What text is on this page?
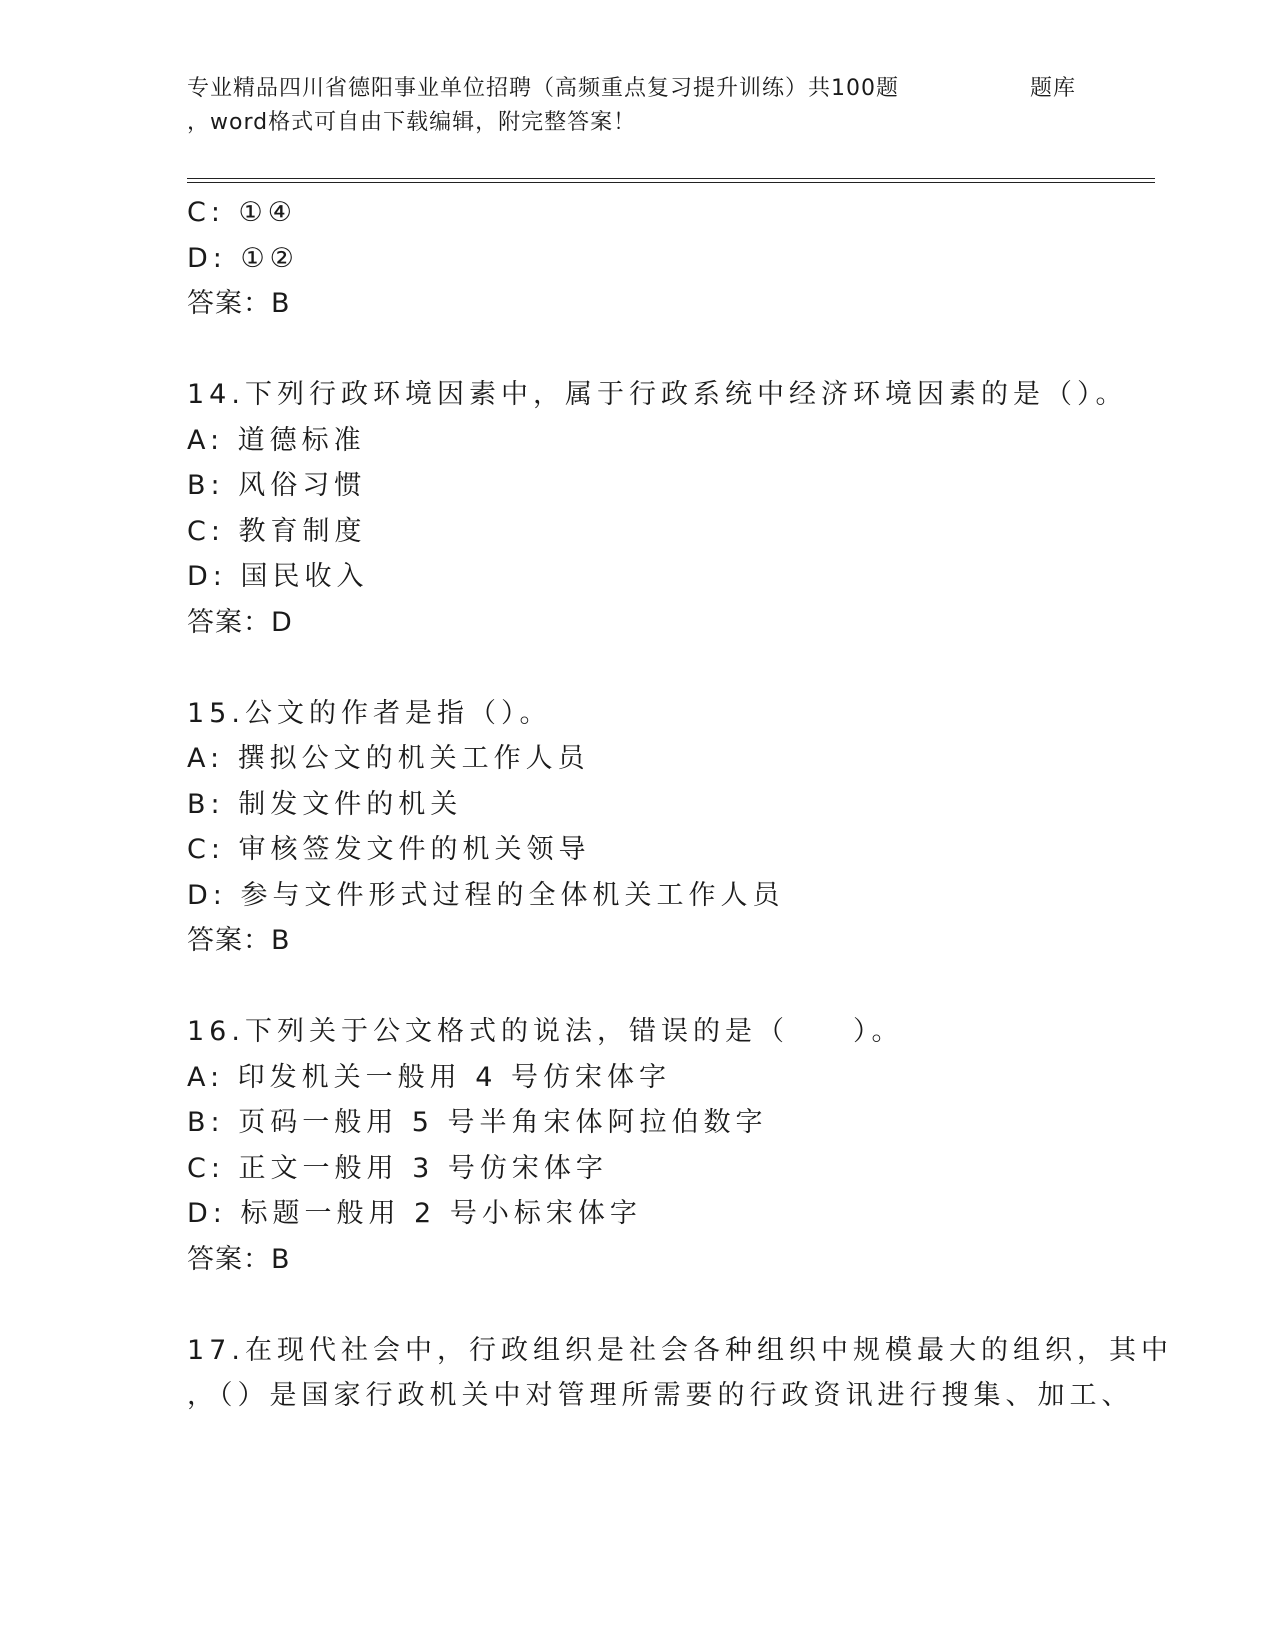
专业精品四川省德阳事业单位招聘（高频重点复习提升训练）共100题
，word格式可自由下载编辑，附完整答案！
题库
C: ①④
D: ①②
答案：B
14.下列行政环境因素中，属于行政系统中经济环境因素的是（）。
A: 道德标准
B: 风俗习惯
C: 教育制度
D: 国民收入
答案：D
15.公文的作者是指（）。
A: 撰拟公文的机关工作人员
B: 制发文件的机关
C: 审核签发文件的机关领导
D: 参与文件形式过程的全体机关工作人员
答案：B
16.下列关于公文格式的说法，错误的是（　　）。
A: 印发机关一般用 4 号仿宋体字
B: 页码一般用 5 号半角宋体阿拉伯数字
C: 正文一般用 3 号仿宋体字
D: 标题一般用 2 号小标宋体字
答案：B
17.在现代社会中，行政组织是社会各种组织中规模最大的组织，其中
，（）是国家行政机关中对管理所需要的行政资讯进行搜集、加工、
